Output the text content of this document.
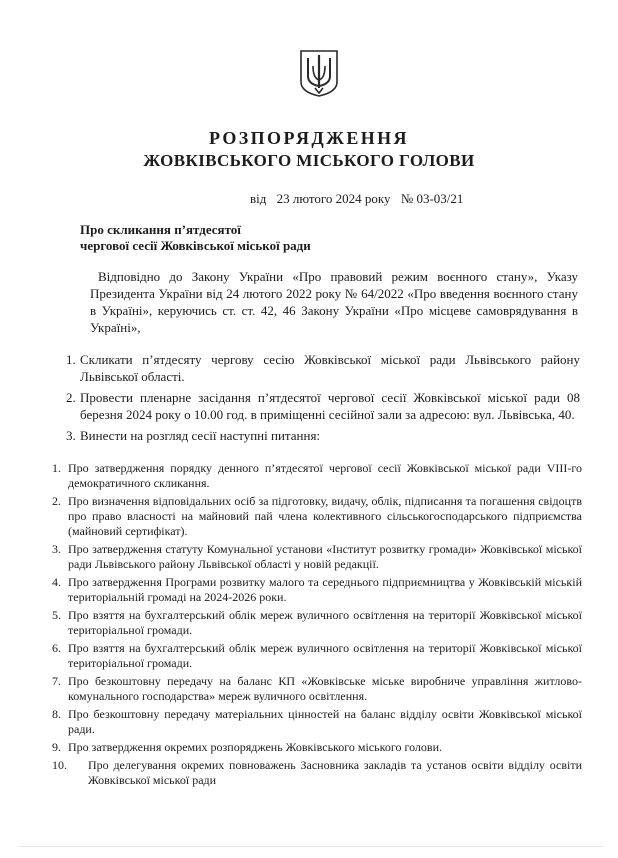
РОЗПОРЯДЖЕННЯ
ЖОВКІВСЬКОГО МІСЬКОГО ГОЛОВИ
від 23 лютого 2024 року № 03-03/21
Про скликання п’ятдесятої
чергової сесії Жовківської міської ради
Відповідно до Закону України «Про правовий режим воєнного стану», Указу Президента України від 24 лютого 2022 року № 64/2022 «Про введення воєнного стану в Україні», керуючись ст. ст. 42, 46 Закону України «Про місцеве самоврядування в Україні»,
1. Скликати п’ятдесяту чергову сесію Жовківської міської ради Львівського району Львівської області.
2. Провести пленарне засідання п’ятдесятої чергової сесії Жовківської міської ради 08 березня 2024 року о 10.00 год. в приміщенні сесійної зали за адресою: вул. Львівська, 40.
3. Винести на розгляд сесії наступні питання:
1. Про затвердження порядку денного п’ятдесятої чергової сесії Жовківської міської ради VIII-го демократичного скликання.
2. Про визначення відповідальних осіб за підготовку, видачу, облік, підписання та погашення свідоцтв про право власності на майновий пай члена колективного сільськогосподарського підприємства (майновий сертифікат).
3. Про затвердження статуту Комунальної установи «Інститут розвитку громади» Жовківської міської ради Львівського району Львівської області у новій редакції.
4. Про затвердження Програми розвитку малого та середнього підприємництва у Жовківській міській територіальній громаді на 2024-2026 роки.
5. Про взяття на бухгалтерський облік мереж вуличного освітлення на території Жовківської міської територіальної громади.
6. Про взяття на бухгалтерський облік мереж вуличного освітлення на території Жовківської міської територіальної громади.
7. Про безкоштовну передачу на баланс КП «Жовківське міське виробниче управління житлово-комунального господарства» мереж вуличного освітлення.
8. Про безкоштовну передачу матеріальних цінностей на баланс відділу освіти Жовківської міської ради.
9. Про затвердження окремих розпоряджень Жовківського міського голови.
10. Про делегування окремих повноважень Засновника закладів та установ освіти відділу освіти Жовківської міської ради
